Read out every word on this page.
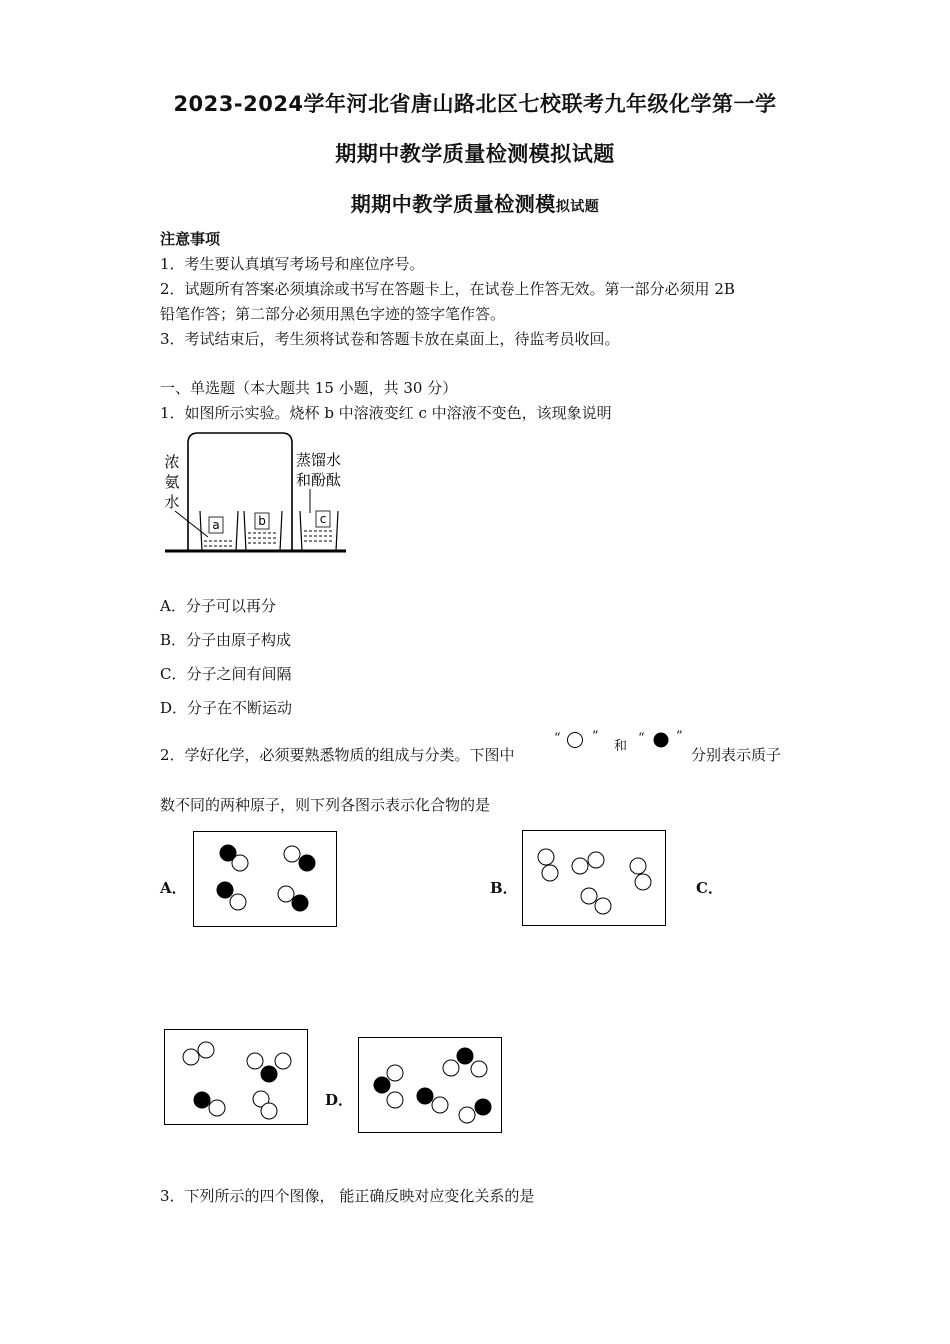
2023-2024学年河北省唐山路北区七校联考九年级化学第一学
期期中教学质量检测模拟试题
期期中教学质量检测模拟试题
注意事项
1．考生要认真填写考场号和座位序号。
2．试题所有答案必须填涂或书写在答题卡上，在试卷上作答无效。第一部分必须用 2B
铅笔作答；第二部分必须用黑色字迹的签字笔作答。
3．考试结束后，考生须将试卷和答题卡放在桌面上，待监考员收回。
一、单选题（本大题共 15 小题，共 30 分）
1．如图所示实验。烧杯 b 中溶液变红 c 中溶液不变色，该现象说明
浓
氨
水
蒸馏水
和酚酞
a	b	c
A．分子可以再分
B．分子由原子构成
C．分子之间有间隔
D．分子在不断运动
2．学好化学，必须要熟悉物质的组成与分类。下图中
“ ”
和
“ ”
分别表示质子
数不同的两种原子，则下列各图示表示化合物的是
A．	B．	C．
D．
3．下列所示的四个图像， 能正确反映对应变化关系的是
